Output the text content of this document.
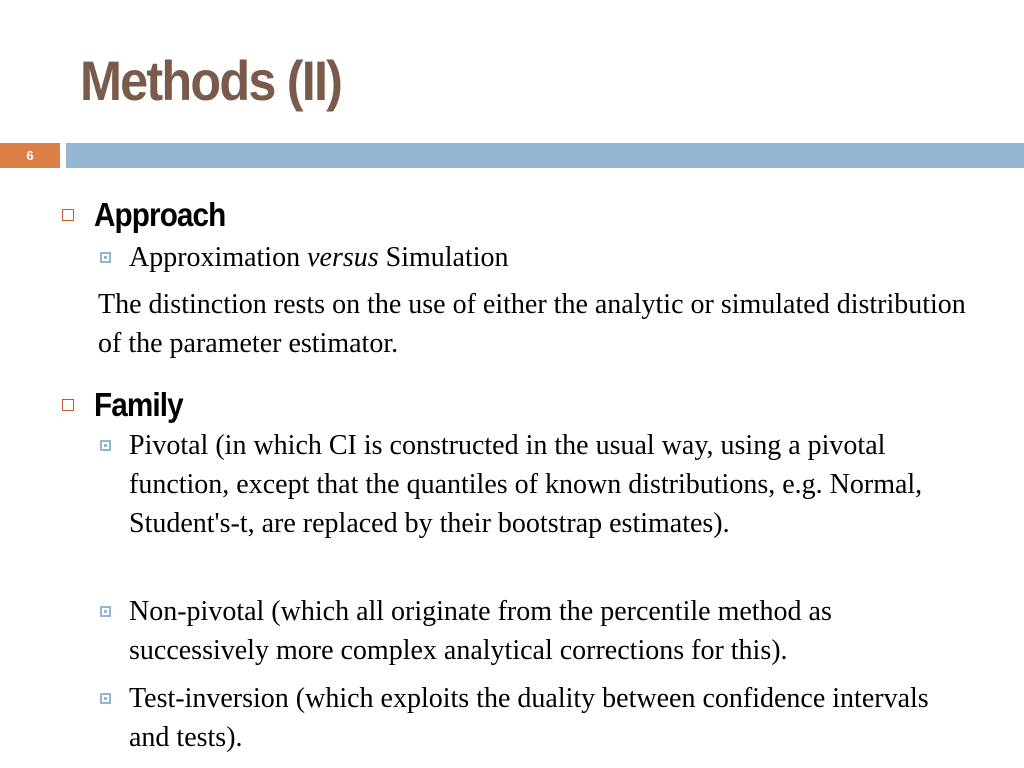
Methods (II)
6
Approach
Approximation versus Simulation
The distinction rests on the use of either the analytic or simulated distribution of the parameter estimator.
Family
Pivotal (in which CI is constructed in the usual way, using a pivotal function, except that the quantiles of known distributions, e.g. Normal, Student's-t, are replaced by their bootstrap estimates).
Non-pivotal (which all originate from the percentile method as successively more complex analytical corrections for this).
Test-inversion (which exploits the duality between confidence intervals and tests).
